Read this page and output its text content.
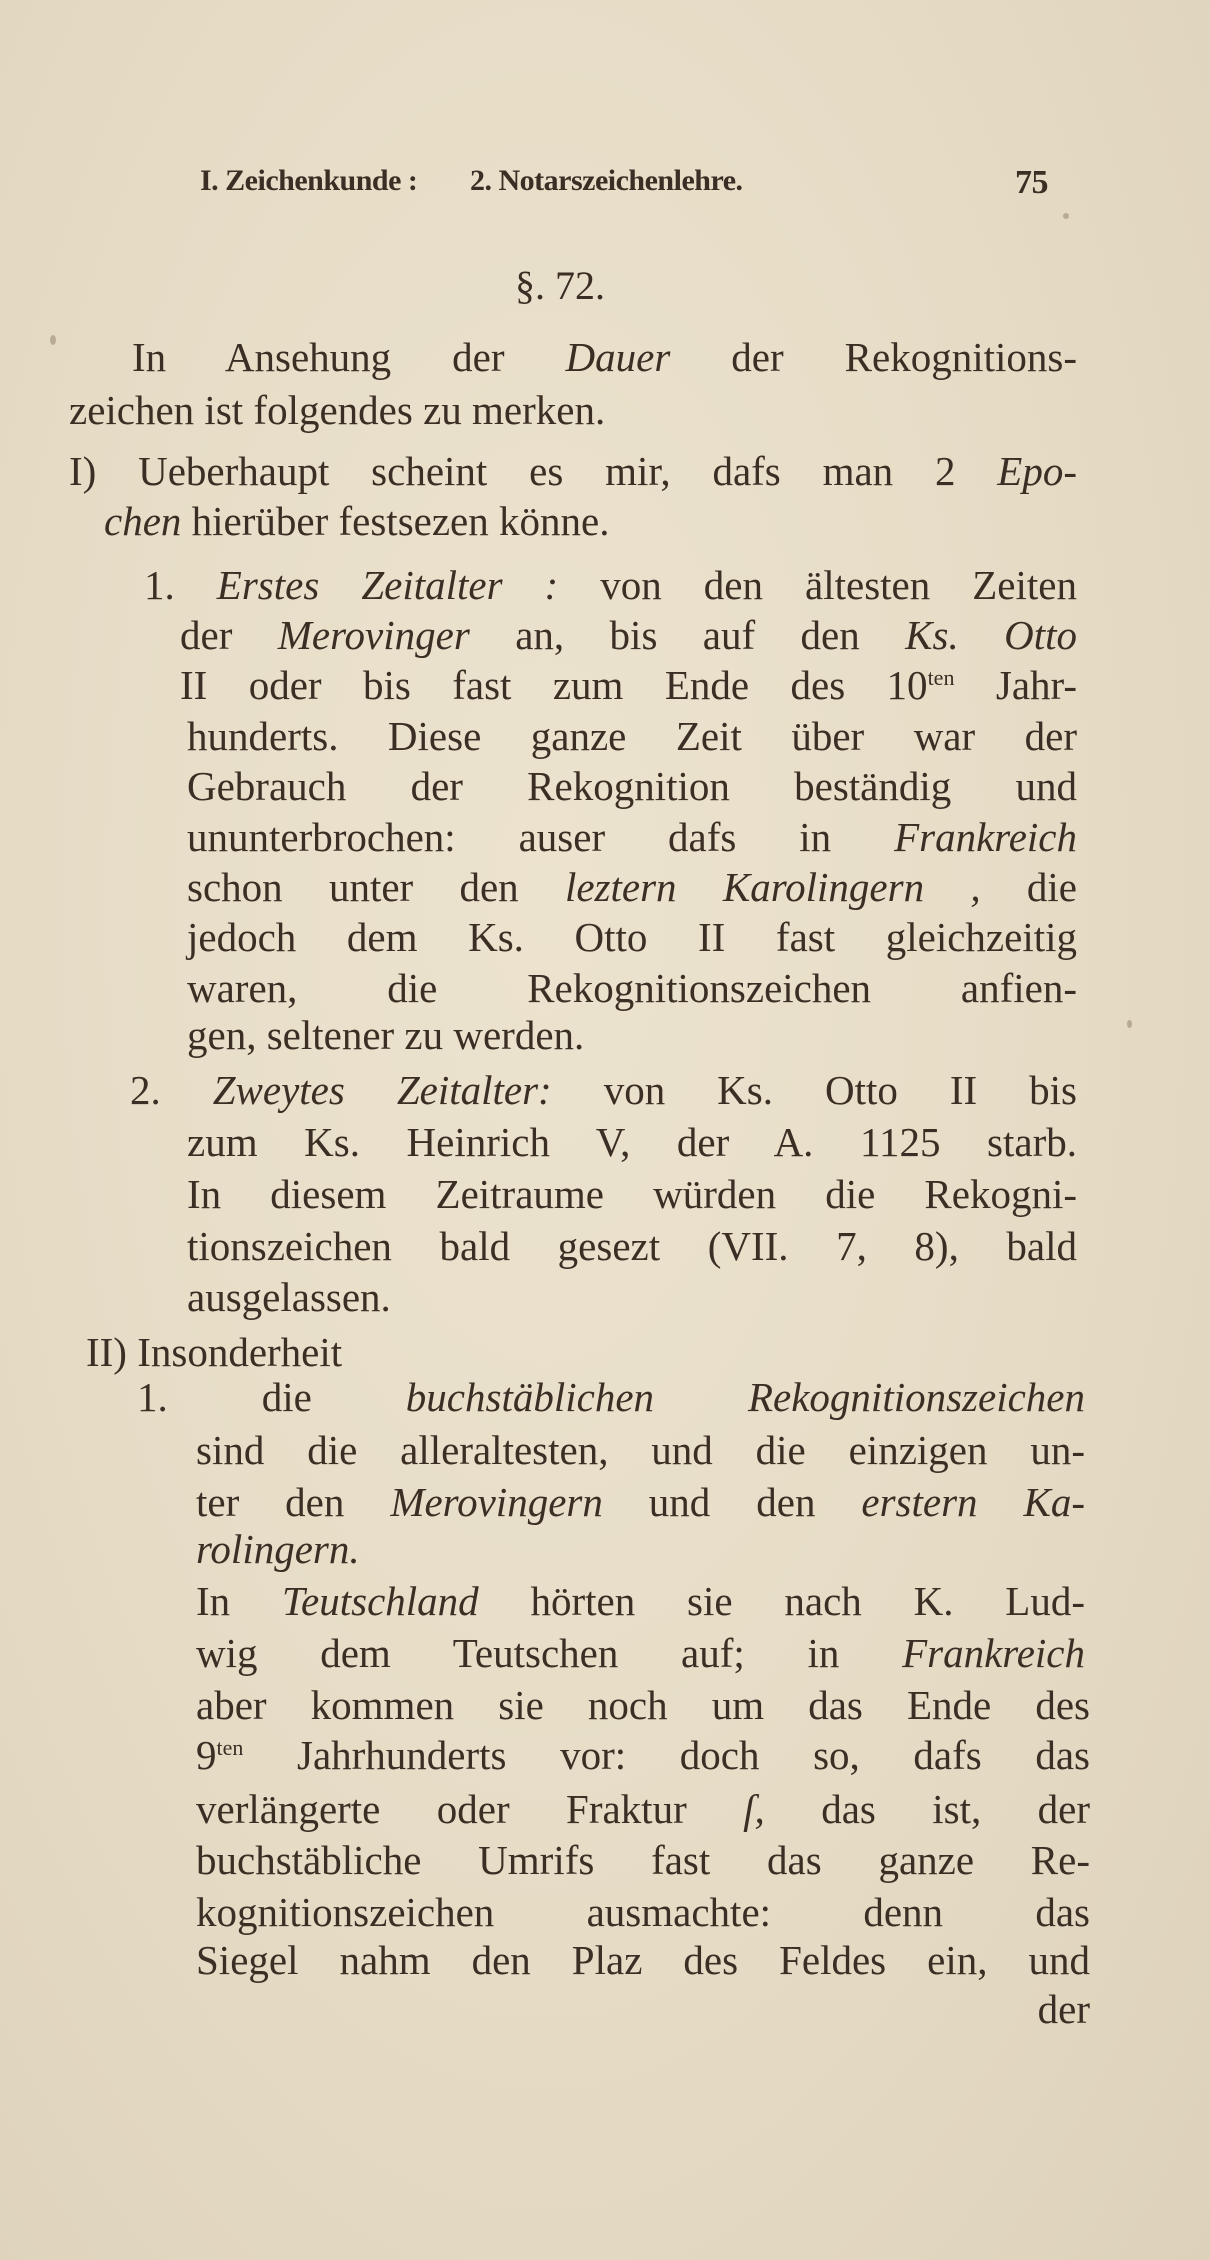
I. Zeichenkunde : 2. Notarszeichenlehre.	75
§. 72.
In Ansehung der Dauer der Rekognitions-
zeichen ist folgendes zu merken.
I) Ueberhaupt scheint es mir, dafs man 2 Epo-
chen hierüber festsezen könne.
1. Erstes Zeitalter : von den ältesten Zeiten
der Merovinger an, bis auf den Ks. Otto
II oder bis fast zum Ende des $10^{ten}$ Jahr-
hunderts. Diese ganze Zeit über war der
Gebrauch der Rekognition beständig und
ununterbrochen: auser dafs in Frankreich
schon unter den leztern Karolingern , die
jedoch dem Ks. Otto II fast gleichzeitig
waren, die Rekognitionszeichen anfien-
gen, seltener zu werden.
2. Zweytes Zeitalter: von Ks. Otto II bis
zum Ks. Heinrich V, der A. 1125 starb.
In diesem Zeitraume würden die Rekogni-
tionszeichen bald gesezt (VII. 7, 8), bald
ausgelassen.
II) Insonderheit
1. die buchstäblichen Rekognitionszeichen
sind die alleraltesten, und die einzigen un-
ter den Merovingern und den erstern Ka-
rolingern.
In Teutschland hörten sie nach K. Lud-
wig dem Teutschen auf; in Frankreich
aber kommen sie noch um das Ende des
$9^{ten}$ Jahrhunderts vor: doch so, dafs das
verlängerte oder Fraktur ſ, das ist, der
buchstäbliche Umrifs fast das ganze Re-
kognitionszeichen ausmachte: denn das
Siegel nahm den Plaz des Feldes ein, und
der
